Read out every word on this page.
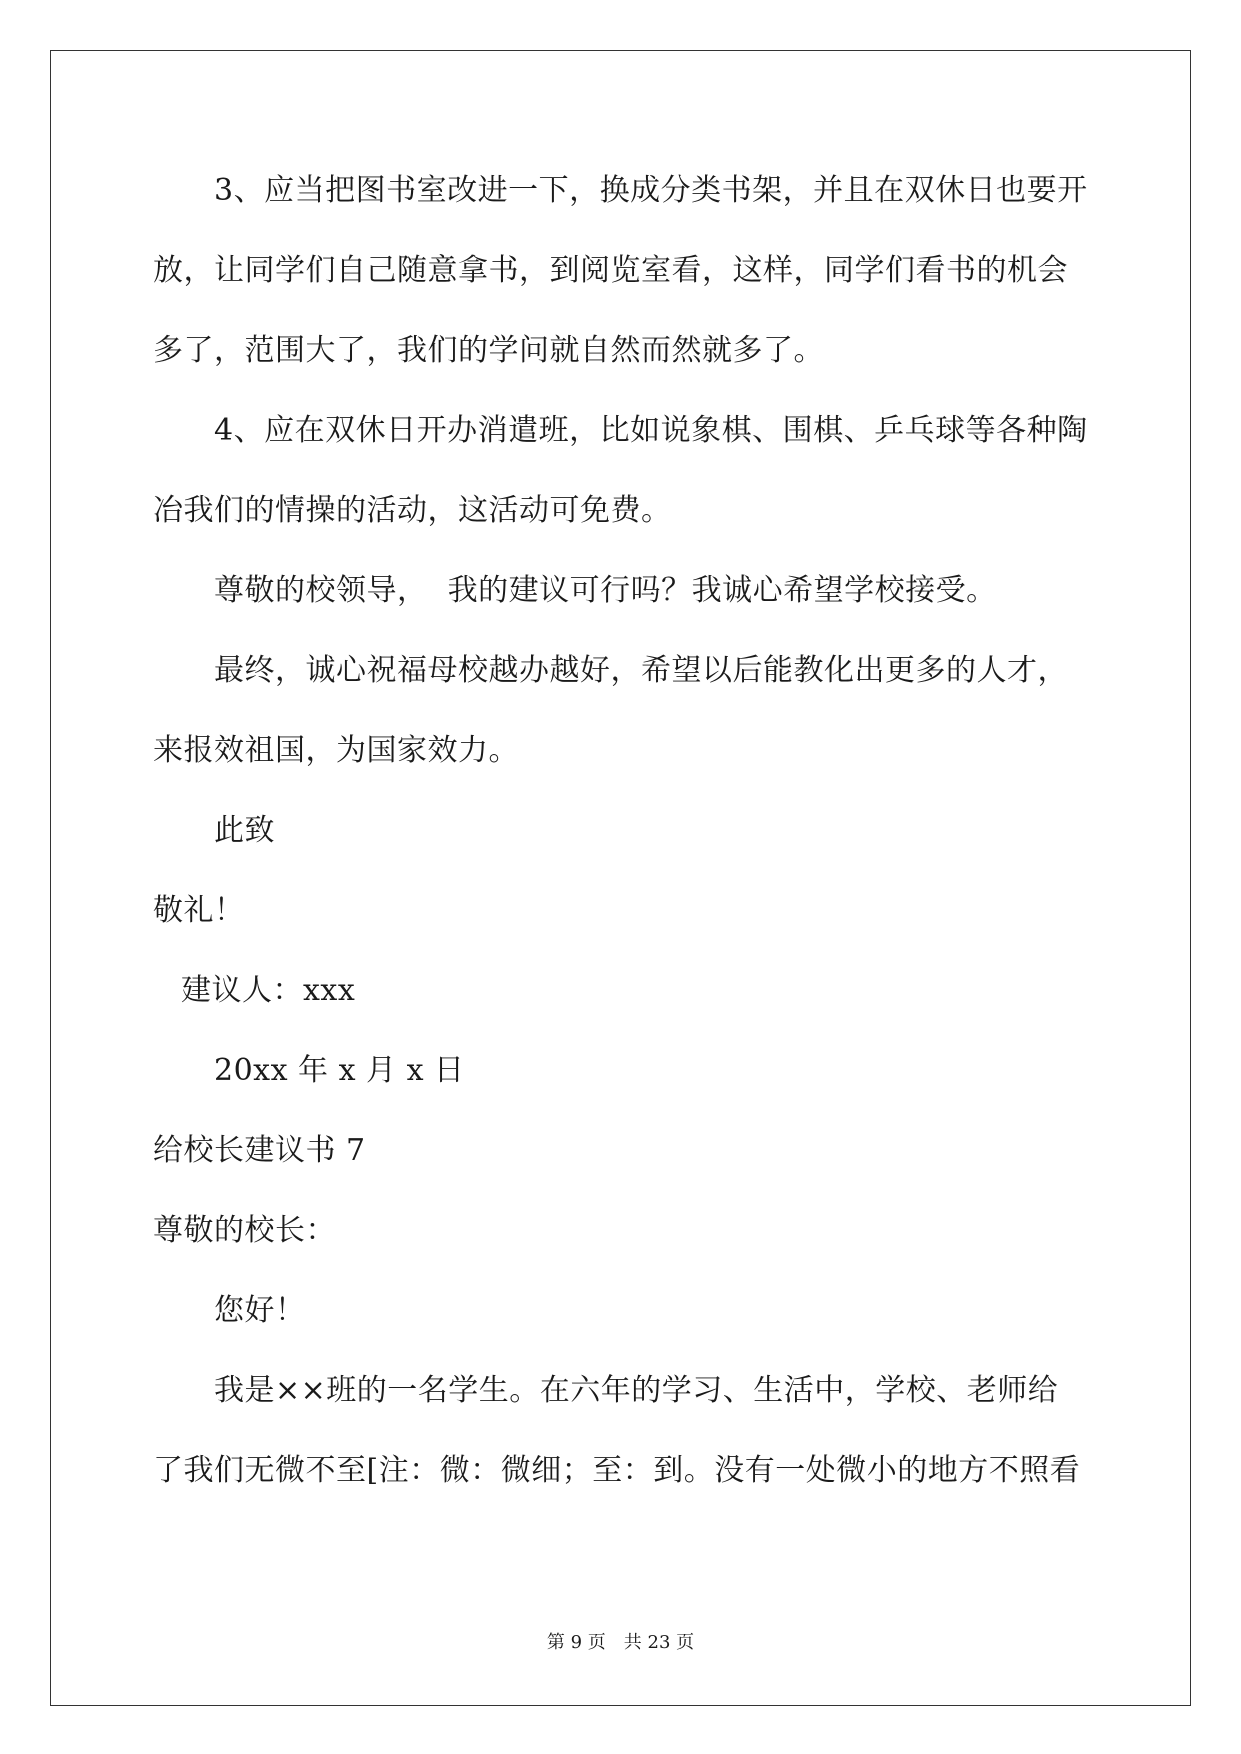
3、应当把图书室改进一下，换成分类书架，并且在双休日也要开
放，让同学们自己随意拿书，到阅览室看，这样，同学们看书的机会
多了，范围大了，我们的学问就自然而然就多了。
4、应在双休日开办消遣班，比如说象棋、围棋、乒乓球等各种陶
冶我们的情操的活动，这活动可免费。
尊敬的校领导，  我的建议可行吗？我诚心希望学校接受。
最终，诚心祝福母校越办越好，希望以后能教化出更多的人才，
来报效祖国，为国家效力。
此致
敬礼！
建议人：xxx
20xx 年 x 月 x 日
给校长建议书 7
尊敬的校长：
您好！
我是××班的一名学生。在六年的学习、生活中，学校、老师给
了我们无微不至[注：微：微细；至：到。没有一处微小的地方不照看
第 9 页　共 23 页
